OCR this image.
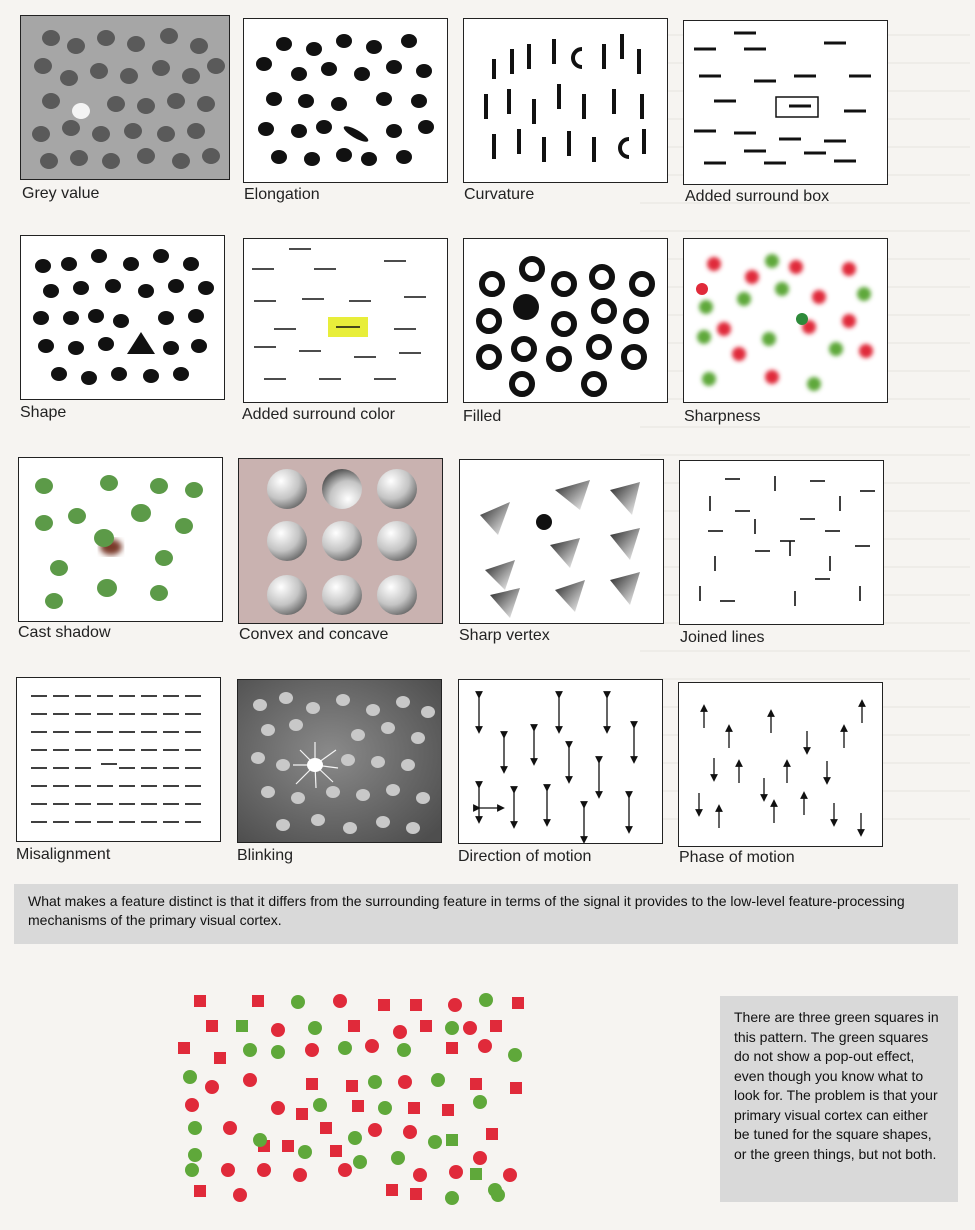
Grey value	Elongation	Curvature	Added surround box
Shape	Added surround color	Filled	Sharpness
Cast shadow	Convex and concave	Sharp vertex	Joined lines
Misalignment	Blinking	Direction of motion	Phase of motion

What makes a feature distinct is that it differs from the surrounding feature in terms of the signal it provides to the low-level feature-processing mechanisms of the primary visual cortex.

There are three green squares in this pattern. The green squares do not show a pop-out effect, even though you know what to look for. The problem is that your primary visual cortex can either be tuned for the square shapes, or the green things, but not both.
